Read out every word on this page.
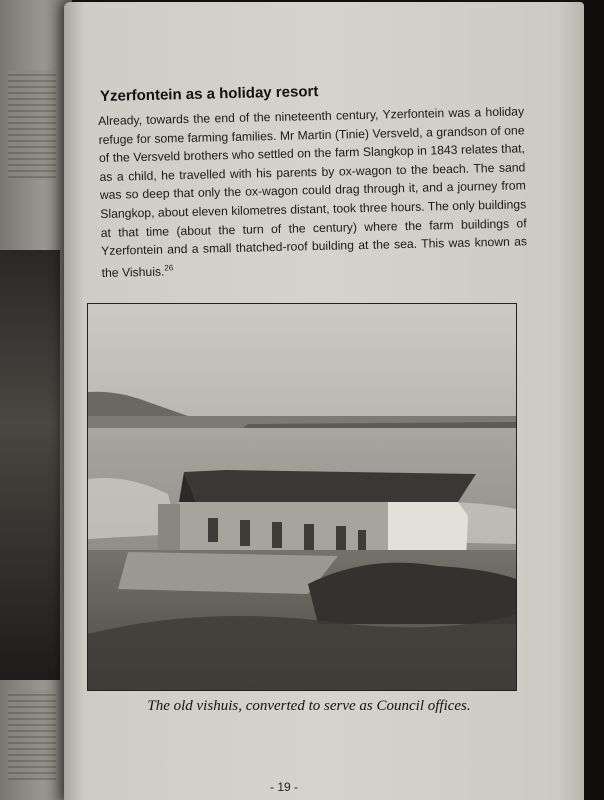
Yzerfontein as a holiday resort

Already, towards the end of the nineteenth century, Yzerfontein was a holiday refuge for some farming families. Mr Martin (Tinie) Versveld, a grandson of one of the Versveld brothers who settled on the farm Slangkop in 1843 relates that, as a child, he travelled with his parents by ox-wagon to the beach. The sand was so deep that only the ox-wagon could drag through it, and a journey from Slangkop, about eleven kilometres distant, took three hours. The only buildings at that time (about the turn of the century) where the farm buildings of Yzerfontein and a small thatched-roof building at the sea. This was known as the Vishuis.$^{26}$

The old vishuis, converted to serve as Council offices.

- 19 -
